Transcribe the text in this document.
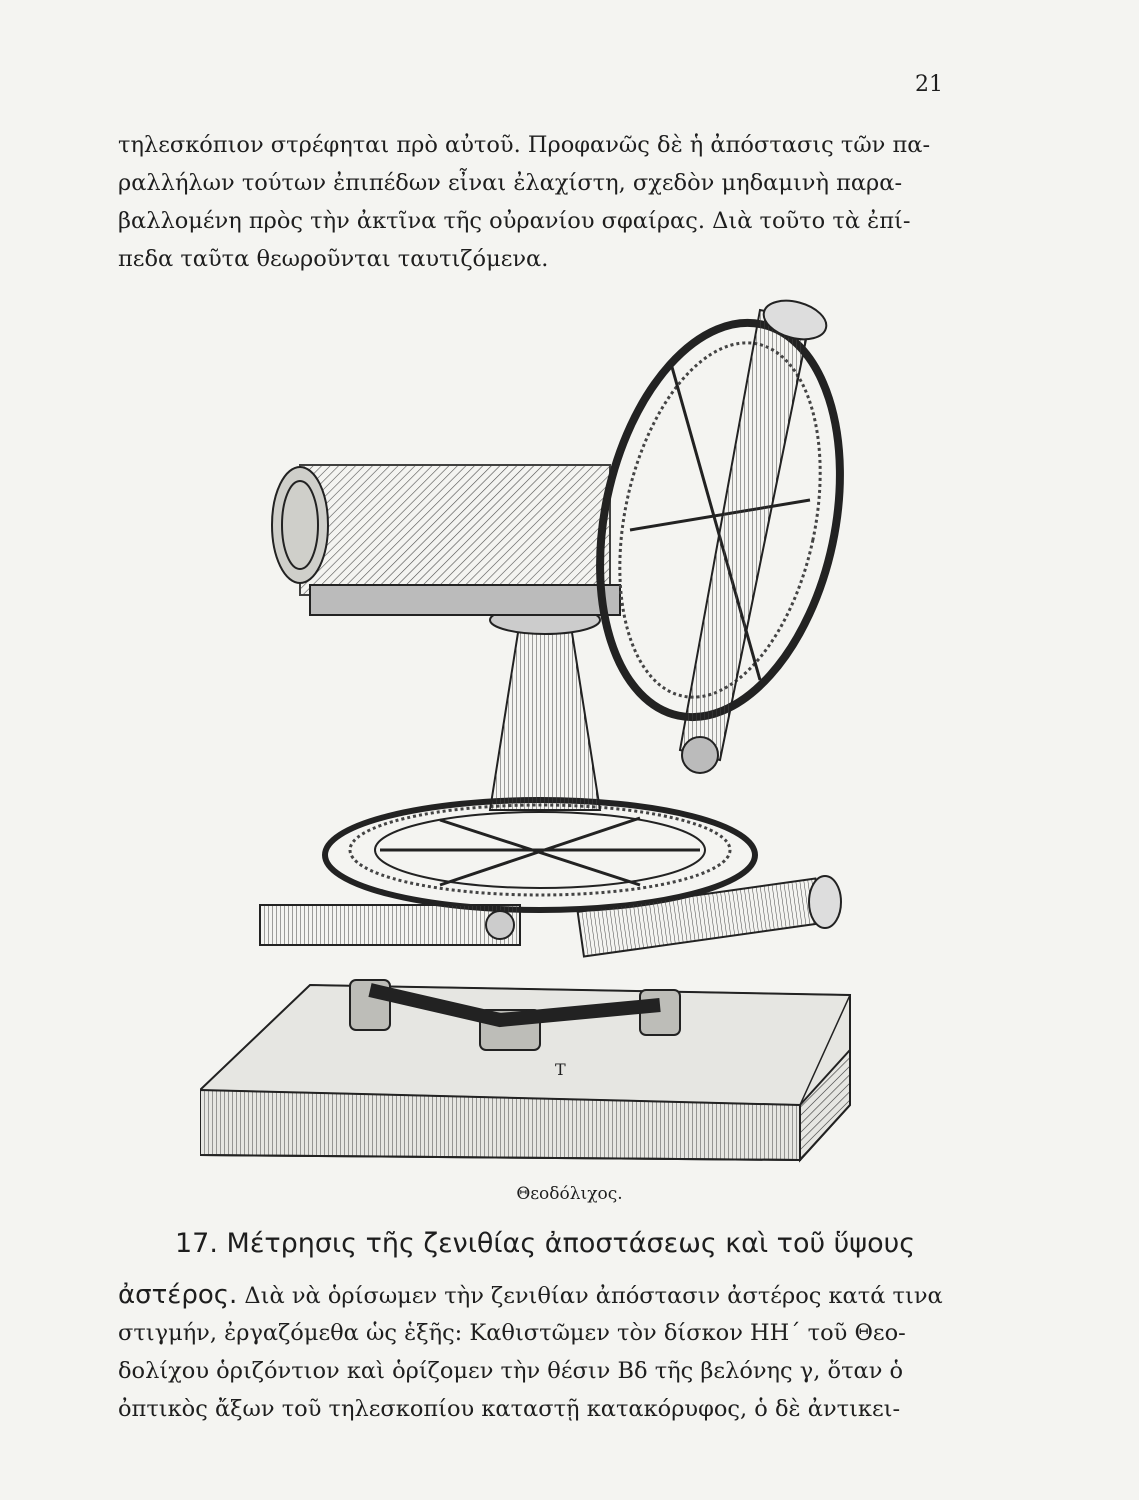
21
τηλεσκόπιον στρέφηται πρὸ αὐτοῦ. Προφανῶς δὲ ἡ ἀπόστασις τῶν πα-
ραλλήλων τούτων ἐπιπέδων εἶναι ἐλαχίστη, σχεδὸν μηδαμινὴ παρα-
βαλλομένη πρὸς τὴν ἀκτῖνα τῆς οὐρανίου σφαίρας. Διὰ τοῦτο τὰ ἐπί-
πεδα ταῦτα θεωροῦνται ταυτιζόμενα.
T
Θεοδόλιχος.
17. Μέτρησις τῆς ζενιθίας ἀποστάσεως καὶ τοῦ ὕψους
ἀστέρος. Διὰ νὰ ὁρίσωμεν τὴν ζενιθίαν ἀπόστασιν ἀστέρος κατά τινα
στιγμήν, ἐργαζόμεθα ὡς ἑξῆς: Καθιστῶμεν τὸν δίσκον ΗΗ΄ τοῦ Θεο-
δολίχου ὁριζόντιον καὶ ὁρίζομεν τὴν θέσιν Βδ τῆς βελόνης γ, ὅταν ὁ
ὀπτικὸς ἄξων τοῦ τηλεσκοπίου καταστῇ κατακόρυφος, ὁ δὲ ἀντικει-
